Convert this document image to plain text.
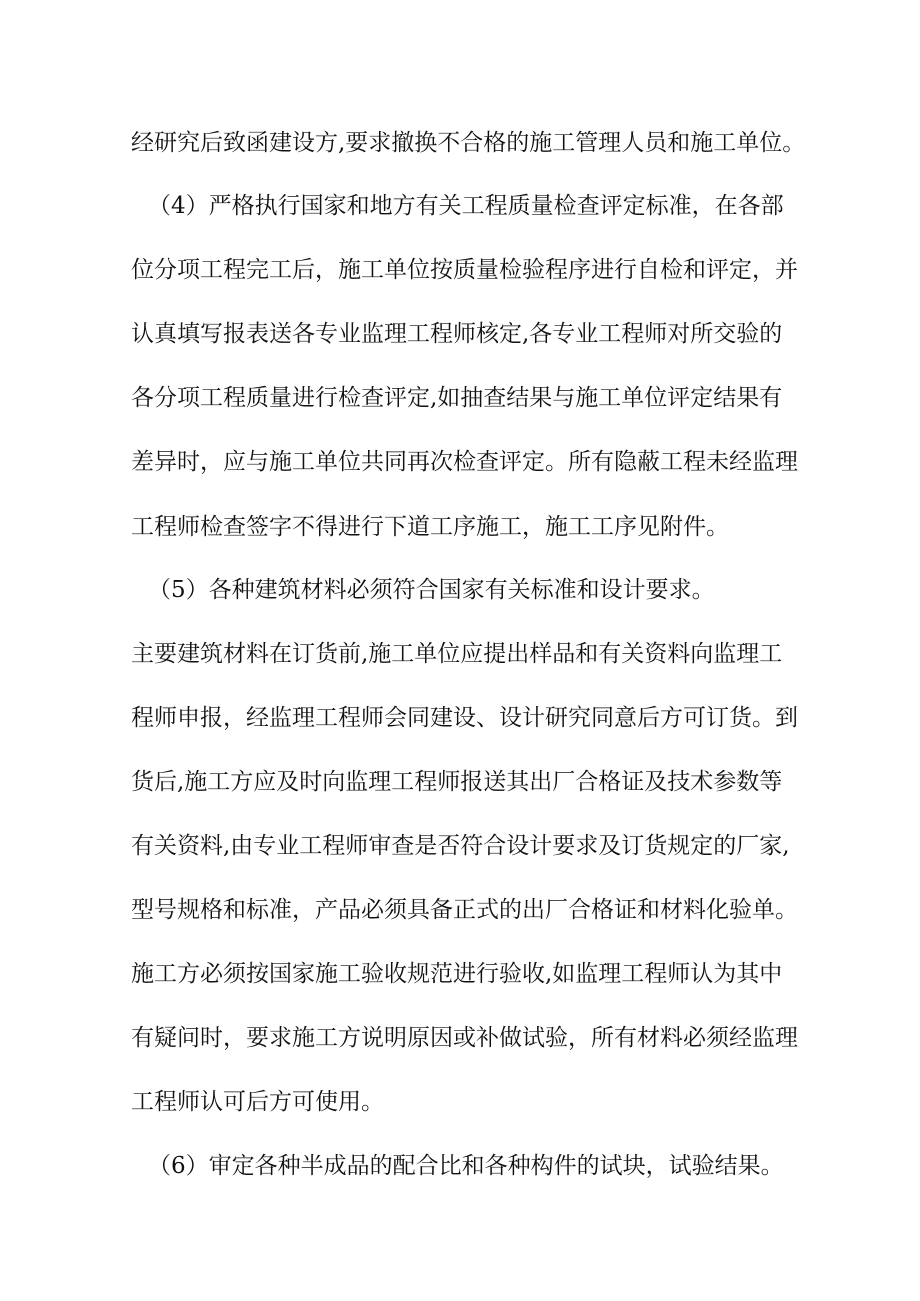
经研究后致函建设方,要求撤换不合格的施工管理人员和施工单位。

（4）严格执行国家和地方有关工程质量检查评定标准，在各部

位分项工程完工后，施工单位按质量检验程序进行自检和评定，并

认真填写报表送各专业监理工程师核定,各专业工程师对所交验的

各分项工程质量进行检查评定,如抽查结果与施工单位评定结果有

差异时，应与施工单位共同再次检查评定。所有隐蔽工程未经监理

工程师检查签字不得进行下道工序施工，施工工序见附件。

（5）各种建筑材料必须符合国家有关标准和设计要求。

主要建筑材料在订货前,施工单位应提出样品和有关资料向监理工

程师申报，经监理工程师会同建设、设计研究同意后方可订货。到

货后,施工方应及时向监理工程师报送其出厂合格证及技术参数等

有关资料,由专业工程师审查是否符合设计要求及订货规定的厂家,

型号规格和标准，产品必须具备正式的出厂合格证和材料化验单。

施工方必须按国家施工验收规范进行验收,如监理工程师认为其中

有疑问时，要求施工方说明原因或补做试验，所有材料必须经监理

工程师认可后方可使用。

（6）审定各种半成品的配合比和各种构件的试块，试验结果。
